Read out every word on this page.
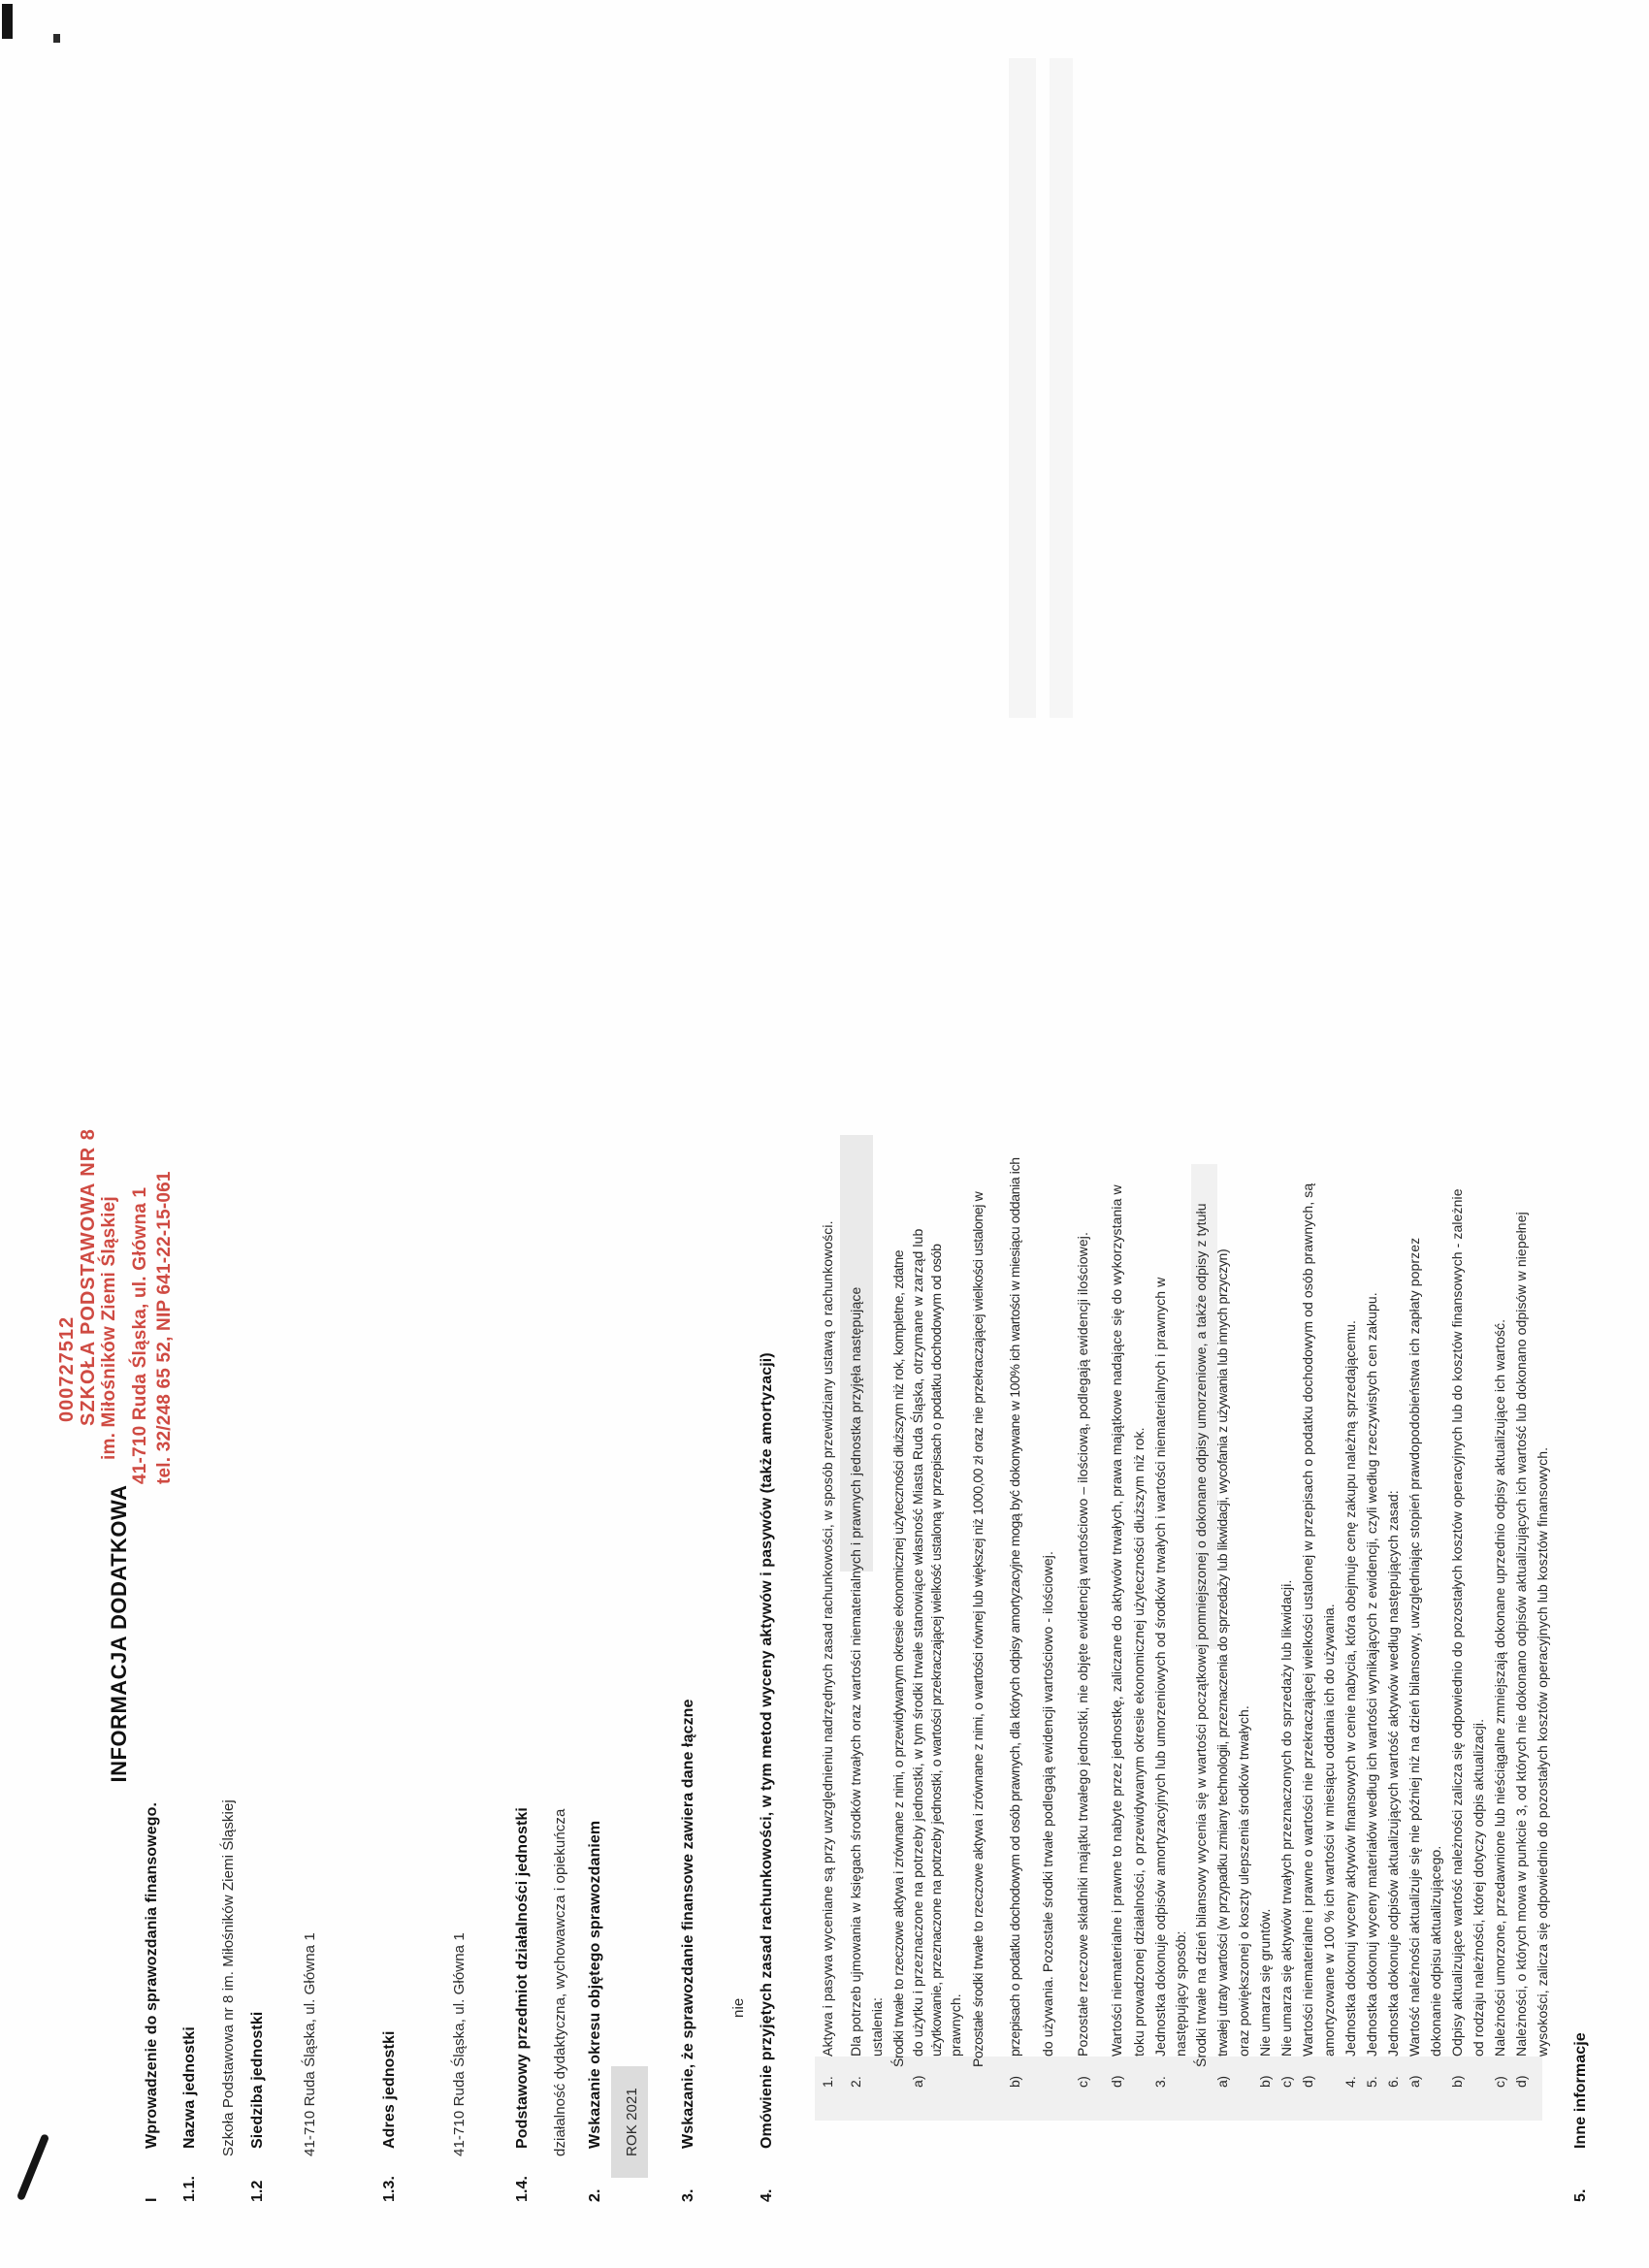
INFORMACJA DODATKOWA
000727512 SZKOŁA PODSTAWOWA NR 8 im. Miłośników Ziemi Śląskiej 41-710 Ruda Śląska, ul. Główna 1 tel. 32/248 65 52, NIP 641-22-15-061
I
Wprowadzenie do sprawozdania finansowego.
1.1.
Nazwa jednostki Szkoła Podstawowa nr 8 im. Miłośników Ziemi Śląskiej
1.2
Siedziba jednostki 41-710 Ruda Śląska, ul. Główna 1
1.3.
Adres jednostki	41-710 Ruda Śląska, ul. Główna 1
1.4.
Podstawowy przedmiot działalności jednostki działalność dydaktyczna, wychowawcza i opiekuńcza
2.
Wskazanie okresu objętego sprawozdaniem ROK 2021
3.
Wskazanie, że sprawozdanie finansowe zawiera dane łączne nie
4.
Omówienie przyjętych zasad rachunkowości, w tym metod wyceny aktywów i pasywów (także amortyzacji)	1.
Aktywa i pasywa wyceniane są przy uwzględnieniu nadrzędnych zasad rachunkowości, w sposób przewidziany ustawą o rachunkowości.
2.
Dla potrzeb ujmowania w księgach środków trwałych oraz wartości niematerialnych i prawnych jednostka przyjęła następujące ustalenia: Środki trwałe to rzeczowe aktywa i zrównane z nimi, o przewidywanym okresie ekonomicznej użyteczności dłuższym niż rok, kompletne, zdatne
a)
do użytku i przeznaczone na potrzeby jednostki, w tym środki trwałe stanowiące własność Miasta Ruda Śląska, otrzymane w zarząd lub użytkowanie, przeznaczone na potrzeby jednostki, o wartości przekraczającej wielkość ustaloną w przepisach o podatku dochodowym od osób prawnych. Pozostałe środki trwałe to rzeczowe aktywa i zrównane z nimi, o wartości równej lub większej niż 1000,00 zł oraz nie przekraczającej wielkości ustalonej w
b)
przepisach o podatku dochodowym od osób prawnych, dla których odpisy amortyzacyjne mogą być dokonywane w 100% ich wartości w miesiącu oddania ich do używania. Pozostałe środki trwałe podlegają ewidencji wartościowo - ilościowej.
c)
Pozostałe rzeczowe składniki majątku trwałego jednostki, nie objęte ewidencją wartościowo – ilościową, podlegają ewidencji ilościowej.
d)
Wartości niematerialne i prawne to nabyte przez jednostkę, zaliczane do aktywów trwałych, prawa majątkowe nadające się do wykorzystania w toku prowadzonej działalności, o przewidywanym okresie ekonomicznej użyteczności dłuższym niż rok.
3.
Jednostka dokonuje odpisów amortyzacyjnych lub umorzeniowych od środków trwałych i wartości niematerialnych i prawnych w następujący sposób: Środki trwałe na dzień bilansowy wycenia się w wartości początkowej pomniejszonej o dokonane odpisy umorzeniowe, a także odpisy z tytułu
a)
trwałej utraty wartości (w przypadku zmiany technologii, przeznaczenia do sprzedaży lub likwidacji, wycofania z używania lub innych przyczyn) oraz powiększonej o koszty ulepszenia środków trwałych.
b)
Nie umarza się gruntów.
c)
Nie umarza się aktywów trwałych przeznaczonych do sprzedaży lub likwidacji.
d)
Wartości niematerialne i prawne o wartości nie przekraczającej wielkości ustalonej w przepisach o podatku dochodowym od osób prawnych, są amortyzowane w 100 % ich wartości w miesiącu oddania ich do używania.
4.
Jednostka dokonuj wyceny aktywów finansowych w cenie nabycia, która obejmuje cenę zakupu należną sprzedającemu.
5.
Jednostka dokonuj wyceny materiałów według ich wartości wynikających z ewidencji, czyli według rzeczywistych cen zakupu.
6.
Jednostka dokonuje odpisów aktualizujących wartość aktywów według następujących zasad:
a)
Wartość należności aktualizuje się nie później niż na dzień bilansowy, uwzględniając stopień prawdopodobieństwa ich zapłaty poprzez dokonanie odpisu aktualizującego.
b)
Odpisy aktualizujące wartość należności zalicza się odpowiednio do pozostałych kosztów operacyjnych lub do kosztów finansowych - zależnie od rodzaju należności, której dotyczy odpis aktualizacji.
c)
Należności umorzone, przedawnione lub nieściągalne zmniejszają dokonane uprzednio odpisy aktualizujące ich wartość.
d)
Należności, o których mowa w punkcie 3, od których nie dokonano odpisów aktualizujących ich wartość lub dokonano odpisów w niepełnej wysokości, zalicza się odpowiednio do pozostałych kosztów operacyjnych lub kosztów finansowych.
5.
Inne informacje
